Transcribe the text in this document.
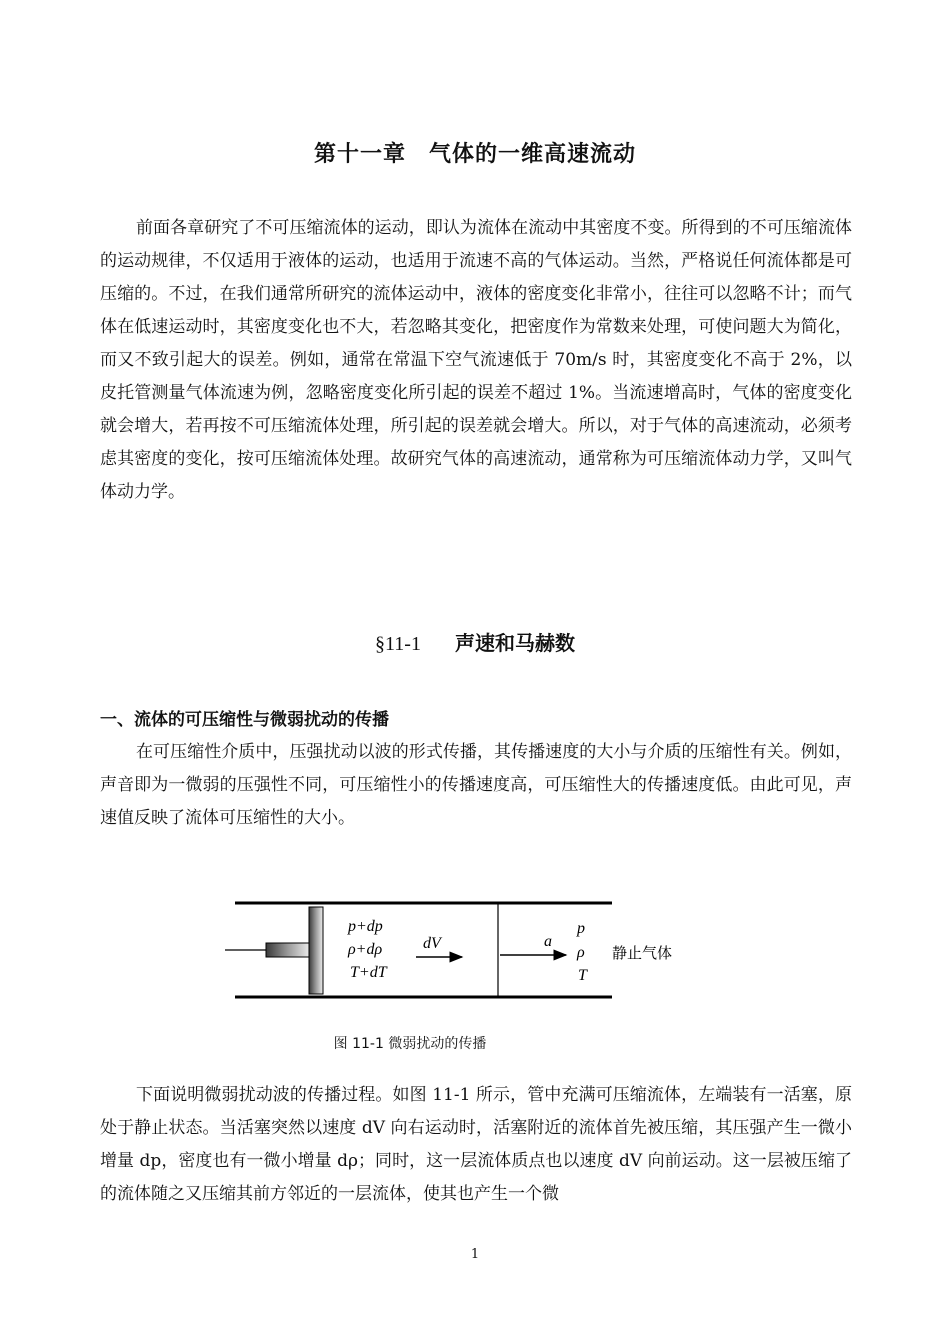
第十一章　气体的一维高速流动

前面各章研究了不可压缩流体的运动，即认为流体在流动中其密度不变。所得到的不可压缩流体的运动规律，不仅适用于液体的运动，也适用于流速不高的气体运动。当然，严格说任何流体都是可压缩的。不过，在我们通常所研究的流体运动中，液体的密度变化非常小，往往可以忽略不计；而气体在低速运动时，其密度变化也不大，若忽略其变化，把密度作为常数来处理，可使问题大为简化，而又不致引起大的误差。例如，通常在常温下空气流速低于 70m/s 时，其密度变化不高于 2%，以皮托管测量气体流速为例，忽略密度变化所引起的误差不超过 1%。当流速增高时，气体的密度变化就会增大，若再按不可压缩流体处理，所引起的误差就会增大。所以，对于气体的高速流动，必须考虑其密度的变化，按可压缩流体处理。故研究气体的高速流动，通常称为可压缩流体动力学，又叫气体动力学。

§11-1 声速和马赫数
一、流体的可压缩性与微弱扰动的传播

在可压缩性介质中，压强扰动以波的形式传播，其传播速度的大小与介质的压缩性有关。例如，声音即为一微弱的压强性不同，可压缩性小的传播速度高，可压缩性大的传播速度低。由此可见，声速值反映了流体可压缩性的大小。

p+dp
ρ+dρ
T+dT
dV	a
p
ρ
T
静止气体
图 11-1 微弱扰动的传播

下面说明微弱扰动波的传播过程。如图 11-1 所示，管中充满可压缩流体，左端装有一活塞，原处于静止状态。当活塞突然以速度 dV 向右运动时，活塞附近的流体首先被压缩，其压强产生一微小增量 dp，密度也有一微小增量 dρ；同时，这一层流体质点也以速度 dV 向前运动。这一层被压缩了的流体随之又压缩其前方邻近的一层流体，使其也产生一个微

1
